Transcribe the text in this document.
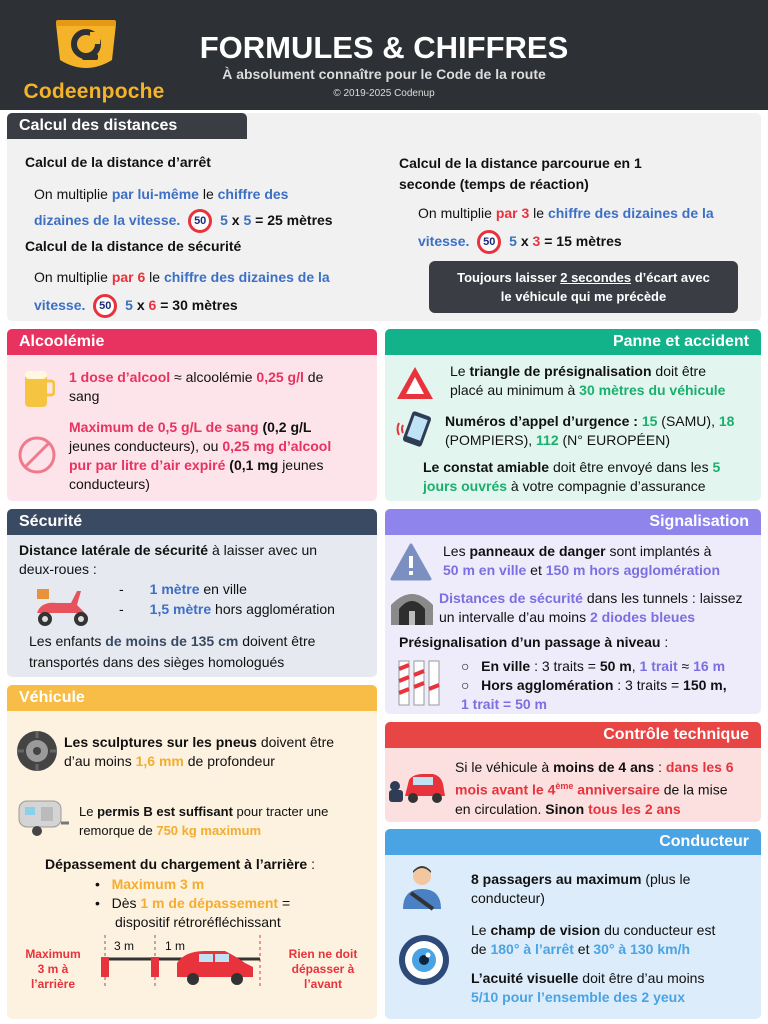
Codeenpoche
FORMULES & CHIFFRES
À absolument connaître pour le Code de la route
© 2019-2025 Codenup
Calcul des distances
Calcul de la distance d’arrêt
On multiplie par lui-même le chiffre des
dizaines de la vitesse. 50 5 x 5 = 25 mètres
Calcul de la distance de sécurité
On multiplie par 6 le chiffre des dizaines de la
vitesse. 50 5 x 6 = 30 mètres
Calcul de la distance parcourue en 1
seconde (temps de réaction)
On multiplie par 3 le chiffre des dizaines de la
vitesse. 50 5 x 3 = 15 mètres
Toujours laisser 2 secondes d’écart avec
le véhicule qui me précède
Alcoolémie
1 dose d’alcool ≈ alcoolémie 0,25 g/l de
sang
Maximum de 0,5 g/L de sang (0,2 g/L
jeunes conducteurs), ou 0,25 mg d’alcool
pur par litre d’air expiré (0,1 mg jeunes
conducteurs)
Panne et accident
Le triangle de présignalisation doit être
placé au minimum à 30 mètres du véhicule
Numéros d’appel d’urgence : 15 (SAMU), 18
(POMPIERS), 112 (N° EUROPÉEN)
Le constat amiable doit être envoyé dans les 5
jours ouvrés à votre compagnie d’assurance
Sécurité
Distance latérale de sécurité à laisser avec un
deux-roues :
- 1 mètre en ville
- 1,5 mètre hors agglomération
Les enfants de moins de 135 cm doivent être
transportés dans des sièges homologués
Signalisation
Les panneaux de danger sont implantés à
50 m en ville et 150 m hors agglomération
Distances de sécurité dans les tunnels : laissez
un intervalle d’au moins 2 diodes bleues
Présignalisation d’un passage à niveau :
○ En ville : 3 traits = 50 m, 1 trait ≈ 16 m
○ Hors agglomération : 3 traits = 150 m,
1 trait = 50 m
Véhicule
Les sculptures sur les pneus doivent être
d’au moins 1,6 mm de profondeur
Le permis B est suffisant pour tracter une
remorque de 750 kg maximum
Dépassement du chargement à l’arrière :
• Maximum 3 m
• Dès 1 m de dépassement =
dispositif rétroréfléchissant
Maximum
3 m à
l’arrière
Rien ne doit
dépasser à
l’avant
3 m	1 m
Contrôle technique
Si le véhicule à moins de 4 ans : dans les 6
mois avant le 4ème anniversaire de la mise
en circulation. Sinon tous les 2 ans
Conducteur
8 passagers au maximum (plus le
conducteur)
Le champ de vision du conducteur est
de 180° à l’arrêt et 30° à 130 km/h
L’acuité visuelle doit être d’au moins
5/10 pour l’ensemble des 2 yeux
